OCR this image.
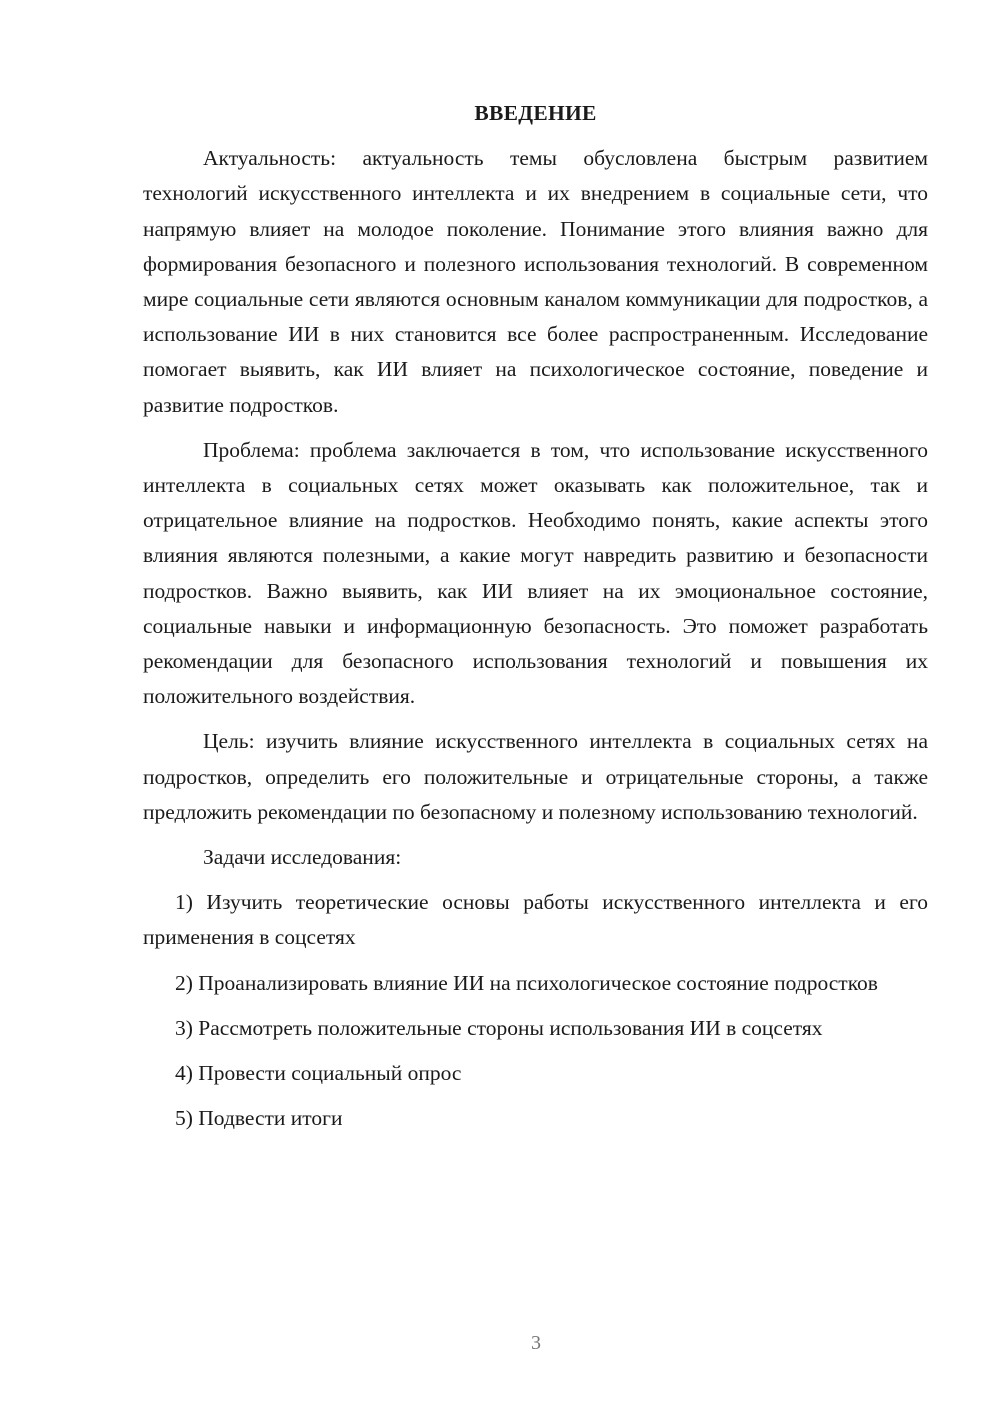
ВВЕДЕНИЕ

Актуальность: актуальность темы обусловлена быстрым развитием технологий искусственного интеллекта и их внедрением в социальные сети, что напрямую влияет на молодое поколение. Понимание этого влияния важно для формирования безопасного и полезного использования технологий. В современном мире социальные сети являются основным каналом коммуникации для подростков, а использование ИИ в них становится все более распространенным. Исследование помогает выявить, как ИИ влияет на психологическое состояние, поведение и развитие подростков.

Проблема: проблема заключается в том, что использование искусственного интеллекта в социальных сетях может оказывать как положительное, так и отрицательное влияние на подростков. Необходимо понять, какие аспекты этого влияния являются полезными, а какие могут навредить развитию и безопасности подростков. Важно выявить, как ИИ влияет на их эмоциональное состояние, социальные навыки и информационную безопасность. Это поможет разработать рекомендации для безопасного использования технологий и повышения их положительного воздействия.

Цель: изучить влияние искусственного интеллекта в социальных сетях на подростков, определить его положительные и отрицательные стороны, а также предложить рекомендации по безопасному и полезному использованию технологий.

Задачи исследования:

1) Изучить теоретические основы работы искусственного интеллекта и его применения в соцсетях

2) Проанализировать влияние ИИ на психологическое состояние подростков

3) Рассмотреть положительные стороны использования ИИ в соцсетях

4) Провести социальный опрос

5) Подвести итоги

3
